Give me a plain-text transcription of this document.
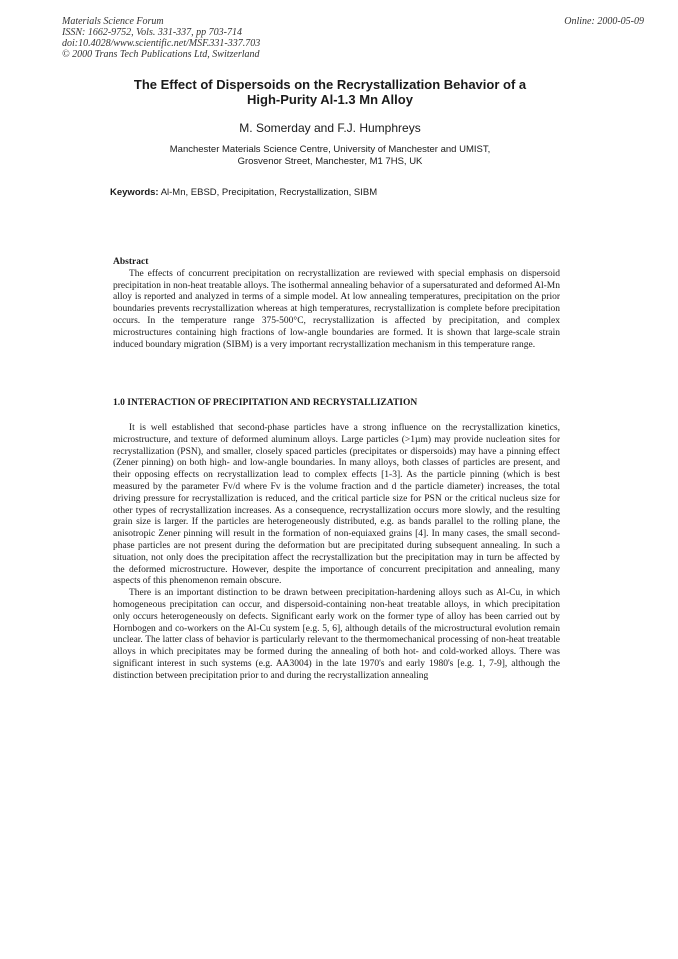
Materials Science Forum
ISSN: 1662-9752, Vols. 331-337, pp 703-714
doi:10.4028/www.scientific.net/MSF.331-337.703
© 2000 Trans Tech Publications Ltd, Switzerland
Online: 2000-05-09
The Effect of Dispersoids on the Recrystallization Behavior of a High-Purity Al-1.3 Mn Alloy
M. Somerday and F.J. Humphreys
Manchester Materials Science Centre, University of Manchester and UMIST,
Grosvenor Street, Manchester, M1 7HS, UK
Keywords: Al-Mn, EBSD, Precipitation, Recrystallization, SIBM
Abstract

The effects of concurrent precipitation on recrystallization are reviewed with special emphasis on dispersoid precipitation in non-heat treatable alloys. The isothermal annealing behavior of a supersaturated and deformed Al-Mn alloy is reported and analyzed in terms of a simple model. At low annealing temperatures, precipitation on the prior boundaries prevents recrystallization whereas at high temperatures, recrystallization is complete before precipitation occurs. In the temperature range 375-500°C, recrystallization is affected by precipitation, and complex microstructures containing high fractions of low-angle boundaries are formed. It is shown that large-scale strain induced boundary migration (SIBM) is a very important recrystallization mechanism in this temperature range.

1.0 INTERACTION OF PRECIPITATION AND RECRYSTALLIZATION

It is well established that second-phase particles have a strong influence on the recrystallization kinetics, microstructure, and texture of deformed aluminum alloys. Large particles (>1µm) may provide nucleation sites for recrystallization (PSN), and smaller, closely spaced particles (precipitates or dispersoids) may have a pinning effect (Zener pinning) on both high- and low-angle boundaries. In many alloys, both classes of particles are present, and their opposing effects on recrystallization lead to complex effects [1-3]. As the particle pinning (which is best measured by the parameter Fv/d where Fv is the volume fraction and d the particle diameter) increases, the total driving pressure for recrystallization is reduced, and the critical particle size for PSN or the critical nucleus size for other types of recrystallization increases. As a consequence, recrystallization occurs more slowly, and the resulting grain size is larger. If the particles are heterogeneously distributed, e.g. as bands parallel to the rolling plane, the anisotropic Zener pinning will result in the formation of non-equiaxed grains [4]. In many cases, the small second-phase particles are not present during the deformation but are precipitated during subsequent annealing. In such a situation, not only does the precipitation affect the recrystallization but the precipitation may in turn be affected by the deformed microstructure. However, despite the importance of concurrent precipitation and annealing, many aspects of this phenomenon remain obscure.

There is an important distinction to be drawn between precipitation-hardening alloys such as Al-Cu, in which homogeneous precipitation can occur, and dispersoid-containing non-heat treatable alloys, in which precipitation only occurs heterogeneously on defects. Significant early work on the former type of alloy has been carried out by Hornbogen and co-workers on the Al-Cu system [e.g. 5, 6], although details of the microstructural evolution remain unclear. The latter class of behavior is particularly relevant to the thermomechanical processing of non-heat treatable alloys in which precipitates may be formed during the annealing of both hot- and cold-worked alloys. There was significant interest in such systems (e.g. AA3004) in the late 1970's and early 1980's [e.g. 1, 7-9], although the distinction between precipitation prior to and during the recrystallization annealing
